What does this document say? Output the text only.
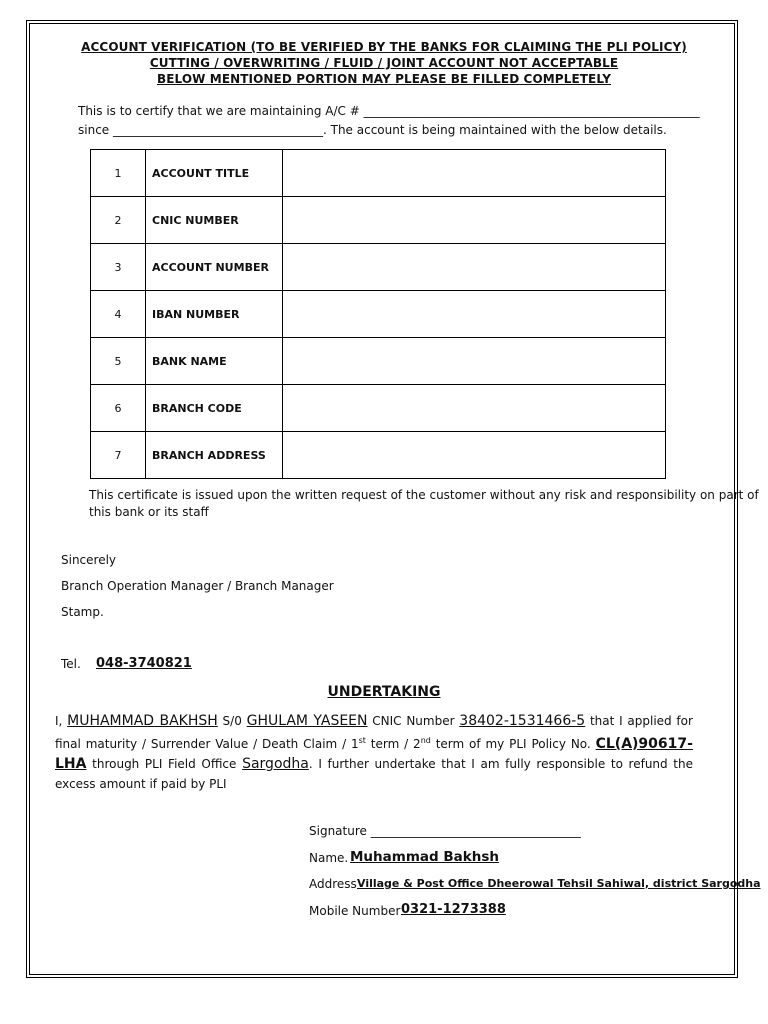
ACCOUNT VERIFICATION (TO BE VERIFIED BY THE BANKS FOR CLAIMING THE PLI POLICY)
CUTTING / OVERWRITING / FLUID / JOINT ACCOUNT NOT ACCEPTABLE
BELOW MENTIONED PORTION MAY PLEASE BE FILLED COMPLETELY
This is to certify that we are maintaining A/C # ________________________________________________________
since ___________________________________. The account is being maintained with the below details.
1	ACCOUNT TITLE	
2	CNIC NUMBER	
3	ACCOUNT NUMBER	
4	IBAN NUMBER	
5	BANK NAME	
6	BRANCH CODE	
7	BRANCH ADDRESS	
This certificate is issued upon the written request of the customer without any risk and responsibility on part of
this bank or its staff
Sincerely
Branch Operation Manager / Branch Manager
Stamp.
Tel. 048-3740821
UNDERTAKING
I, MUHAMMAD BAKHSH S/0 GHULAM YASEEN CNIC Number 38402-1531466-5 that I applied for final maturity / Surrender Value / Death Claim / 1st term / 2nd term of my PLI Policy No. CL(A)90617-LHA through PLI Field Office Sargodha. I further undertake that I am fully responsible to refund the excess amount if paid by PLI
Signature ___________________________________
Name. Muhammad Bakhsh
Address Village & Post Office Dheerowal Tehsil Sahiwal, district Sargodha
Mobile Number 0321-1273388
